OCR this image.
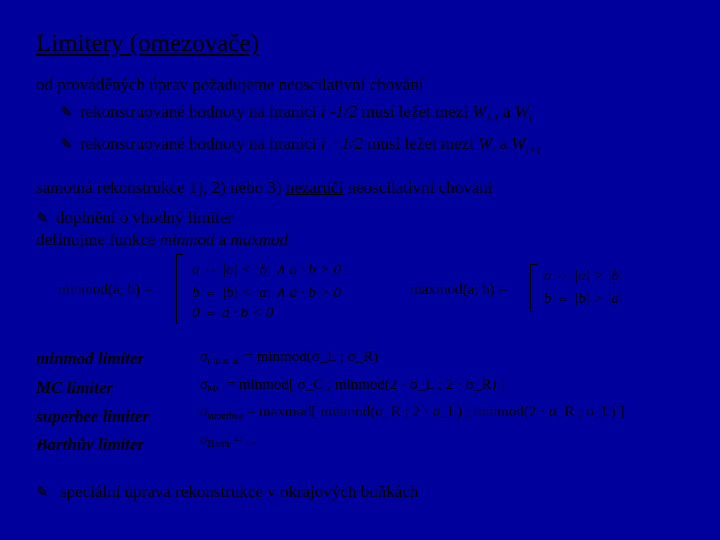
Limitery (omezovače)
od prováděných úprav požadujeme neoscilativní chování
✎ rekonstruované hodnoty na hranici i -1/2 musí ležet mezi $W_{i-1}$ a $W_i$
✎ rekonstruované hodnoty na hranici i +1/2 musí ležet mezi $W_i$ a $W_{i+1}$
samotná rekonstrukce 1), 2) nebo 3) nezaručí neoscilativní chování
✎ doplnění o vhodný limiter
definujme funkce minmod a maxmod
minmod(a; b) =
a ⇔ |a| < |b| ∧ a · b > 0
b ⇔ |b| < |a| ∧ a · b > 0
0 ⇔ a · b < 0
maxmod(a; b) =
a ⇔ |a| > |b|
b ⇔ |b| > |a|
minmod limiter
MC limiter
superbee limiter
Barthův limiter
$\sigma_{minmod}$ = minmod(σ_L ; σ_R)
$\sigma_{MC}$ = minmod[ σ_C ; minmod(2 · σ_L ; 2 · σ_R) ]
$\sigma_{superbee}$ = maxmod[ minmod(σ_R ; 2 · σ_L) ; minmod(2 · σ_R ; σ_L) ]
$\sigma_{Barth}$ = ...
✎ speciální úprava rekonstrukce v okrajových buňkách
